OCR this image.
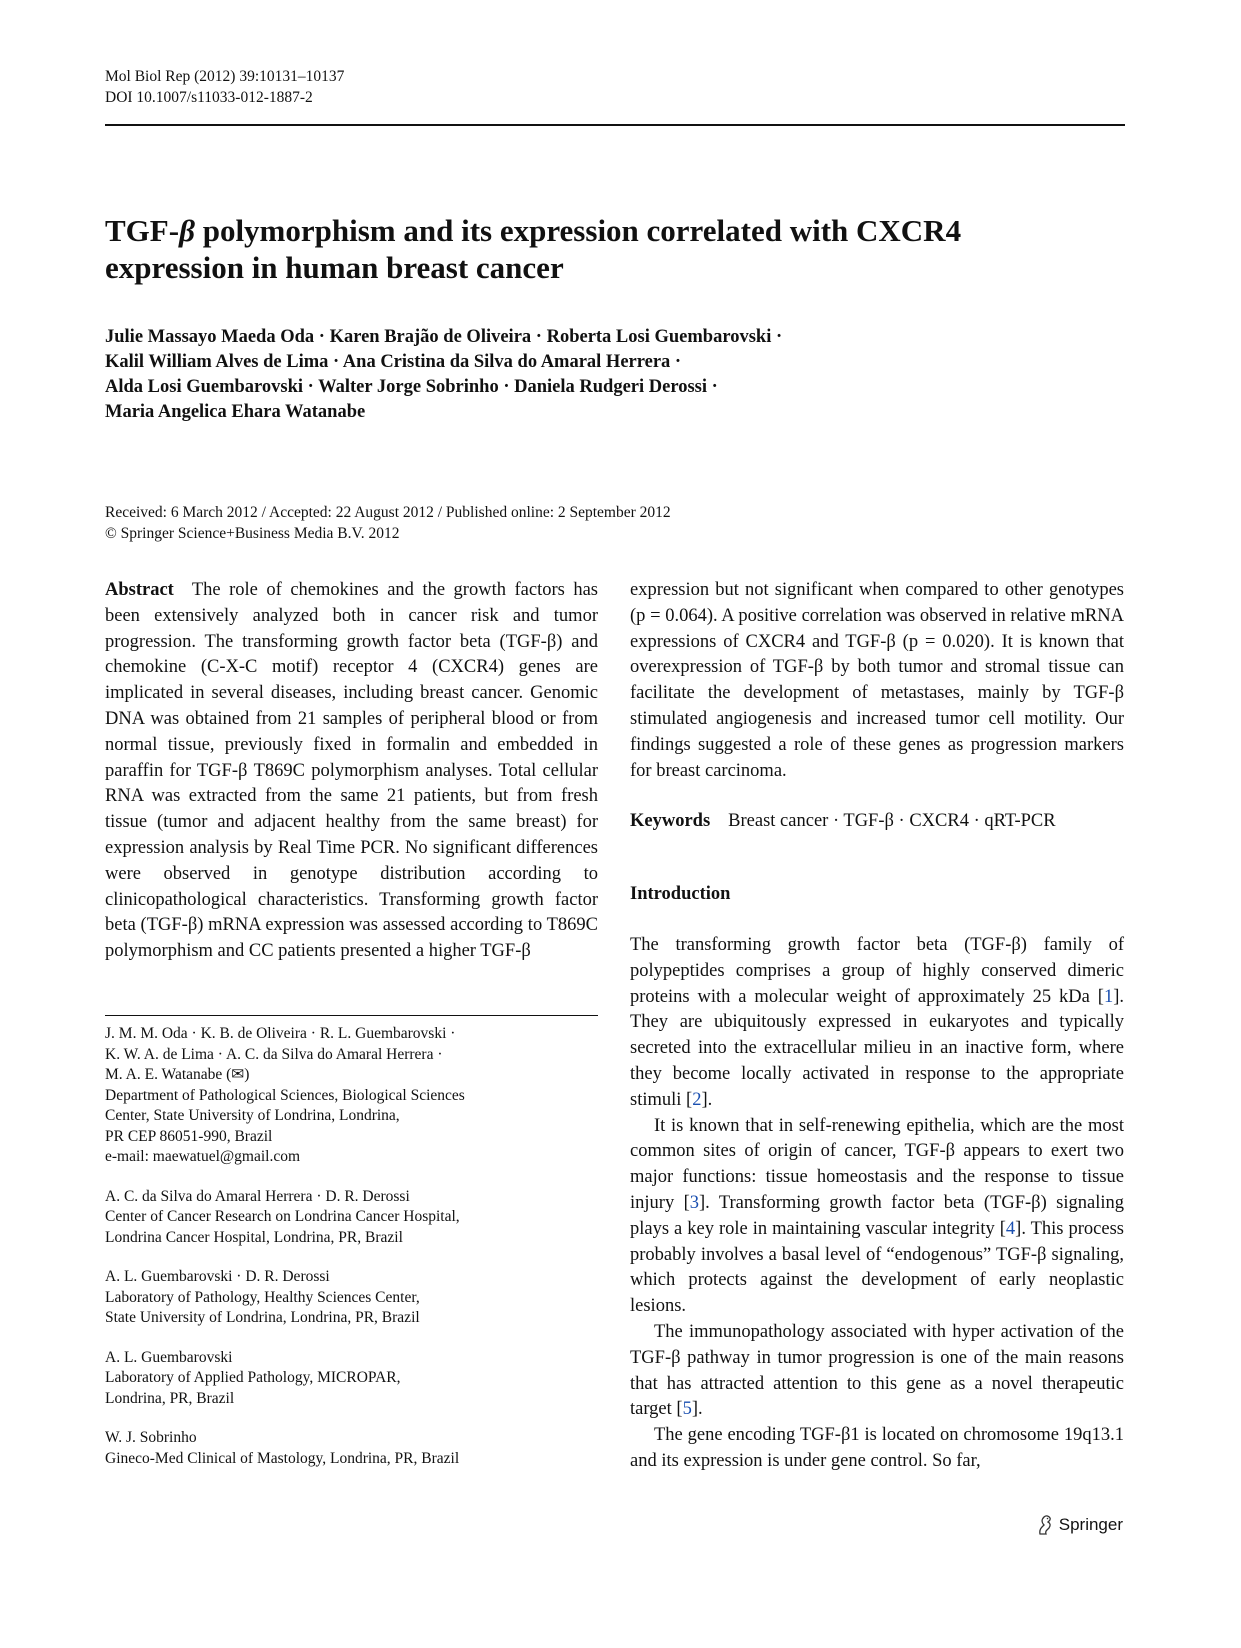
Mol Biol Rep (2012) 39:10131–10137
DOI 10.1007/s11033-012-1887-2
TGF-β polymorphism and its expression correlated with CXCR4
expression in human breast cancer
Julie Massayo Maeda Oda · Karen Brajão de Oliveira · Roberta Losi Guembarovski ·
Kalil William Alves de Lima · Ana Cristina da Silva do Amaral Herrera ·
Alda Losi Guembarovski · Walter Jorge Sobrinho · Daniela Rudgeri Derossi ·
Maria Angelica Ehara Watanabe
Received: 6 March 2012 / Accepted: 22 August 2012 / Published online: 2 September 2012
© Springer Science+Business Media B.V. 2012

Abstract The role of chemokines and the growth factors has been extensively analyzed both in cancer risk and tumor progression. The transforming growth factor beta (TGF-β) and chemokine (C-X-C motif) receptor 4 (CXCR4) genes are implicated in several diseases, including breast cancer. Genomic DNA was obtained from 21 samples of peripheral blood or from normal tissue, previously fixed in formalin and embedded in paraffin for TGF-β T869C polymorphism analyses. Total cellular RNA was extracted from the same 21 patients, but from fresh tissue (tumor and adjacent healthy from the same breast) for expression analysis by Real Time PCR. No significant differences were observed in genotype distribution according to clinicopathological characteristics. Transforming growth factor beta (TGF-β) mRNA expression was assessed according to T869C polymorphism and CC patients presented a higher TGF-β

J. M. M. Oda · K. B. de Oliveira · R. L. Guembarovski ·
K. W. A. de Lima · A. C. da Silva do Amaral Herrera ·
M. A. E. Watanabe (✉)
Department of Pathological Sciences, Biological Sciences
Center, State University of Londrina, Londrina,
PR CEP 86051-990, Brazil
e-mail: maewatuel@gmail.com
A. C. da Silva do Amaral Herrera · D. R. Derossi
Center of Cancer Research on Londrina Cancer Hospital,
Londrina Cancer Hospital, Londrina, PR, Brazil
A. L. Guembarovski · D. R. Derossi
Laboratory of Pathology, Healthy Sciences Center,
State University of Londrina, Londrina, PR, Brazil
A. L. Guembarovski
Laboratory of Applied Pathology, MICROPAR,
Londrina, PR, Brazil
W. J. Sobrinho
Gineco-Med Clinical of Mastology, Londrina, PR, Brazil

expression but not significant when compared to other genotypes (p = 0.064). A positive correlation was observed in relative mRNA expressions of CXCR4 and TGF-β (p = 0.020). It is known that overexpression of TGF-β by both tumor and stromal tissue can facilitate the development of metastases, mainly by TGF-β stimulated angiogenesis and increased tumor cell motility. Our findings suggested a role of these genes as progression markers for breast carcinoma.

Keywords Breast cancer · TGF-β · CXCR4 · qRT-PCR

Introduction

The transforming growth factor beta (TGF-β) family of polypeptides comprises a group of highly conserved dimeric proteins with a molecular weight of approximately 25 kDa [1]. They are ubiquitously expressed in eukaryotes and typically secreted into the extracellular milieu in an inactive form, where they become locally activated in response to the appropriate stimuli [2].

It is known that in self-renewing epithelia, which are the most common sites of origin of cancer, TGF-β appears to exert two major functions: tissue homeostasis and the response to tissue injury [3]. Transforming growth factor beta (TGF-β) signaling plays a key role in maintaining vascular integrity [4]. This process probably involves a basal level of “endogenous” TGF-β signaling, which protects against the development of early neoplastic lesions.

The immunopathology associated with hyper activation of the TGF-β pathway in tumor progression is one of the main reasons that has attracted attention to this gene as a novel therapeutic target [5].

The gene encoding TGF-β1 is located on chromosome 19q13.1 and its expression is under gene control. So far,

Springer
